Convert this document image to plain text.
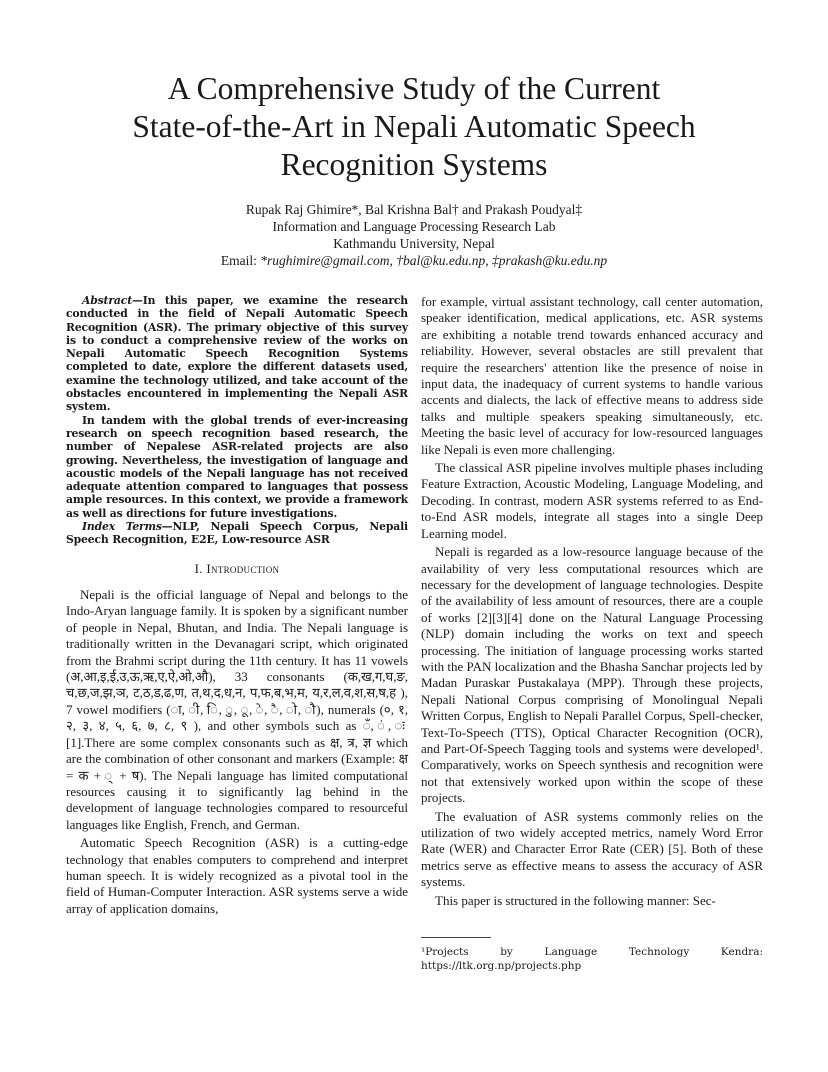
A Comprehensive Study of the Current
State-of-the-Art in Nepali Automatic Speech
Recognition Systems
Rupak Raj Ghimire*, Bal Krishna Bal† and Prakash Poudyal‡
Information and Language Processing Research Lab
Kathmandu University, Nepal
Email: *rughimire@gmail.com, †bal@ku.edu.np, ‡prakash@ku.edu.np

Abstract—In this paper, we examine the research conducted in the field of Nepali Automatic Speech Recognition (ASR). The primary objective of this survey is to conduct a comprehensive review of the works on Nepali Automatic Speech Recognition Systems completed to date, explore the different datasets used, examine the technology utilized, and take account of the obstacles encountered in implementing the Nepali ASR system.

In tandem with the global trends of ever-increasing research on speech recognition based research, the number of Nepalese ASR-related projects are also growing. Nevertheless, the investigation of language and acoustic models of the Nepali language has not received adequate attention compared to languages that possess ample resources. In this context, we provide a framework as well as directions for future investigations.

Index Terms—NLP, Nepali Speech Corpus, Nepali Speech Recognition, E2E, Low-resource ASR

I. Introduction

Nepali is the official language of Nepal and belongs to the Indo-Aryan language family. It is spoken by a significant number of people in Nepal, Bhutan, and India. The Nepali language is traditionally written in the Devanagari script, which originated from the Brahmi script during the 11th century. It has 11 vowels (अ,आ,इ,ई,उ,ऊ,ऋ,ए,ऐ,ओ,औ), 33 consonants (क,ख,ग,घ,ङ, च,छ,ज,झ,ञ, ट,ठ,ड,ढ,ण, त,थ,द,ध,न, प,फ,ब,भ,म, य,र,ल,व,श,स,ष,ह ), 7 vowel modifiers (ा, ी, ि, ु, ू, े, ै, ो, ौ), numerals (०, १, २, ३, ४, ५, ६, ७, ८, ९ ), and other symbols such as ँ, ं, ः [1].There are some complex consonants such as क्ष, त्र, ज्ञ which are the combination of other consonant and markers (Example: क्ष = क + ् + ष). The Nepali language has limited computational resources causing it to significantly lag behind in the development of language technologies compared to resourceful languages like English, French, and German.

Automatic Speech Recognition (ASR) is a cutting-edge technology that enables computers to comprehend and interpret human speech. It is widely recognized as a pivotal tool in the field of Human-Computer Interaction. ASR systems serve a wide array of application domains,

for example, virtual assistant technology, call center automation, speaker identification, medical applications, etc. ASR systems are exhibiting a notable trend towards enhanced accuracy and reliability. However, several obstacles are still prevalent that require the researchers' attention like the presence of noise in input data, the inadequacy of current systems to handle various accents and dialects, the lack of effective means to address side talks and multiple speakers speaking simultaneously, etc. Meeting the basic level of accuracy for low-resourced languages like Nepali is even more challenging.

The classical ASR pipeline involves multiple phases including Feature Extraction, Acoustic Modeling, Language Modeling, and Decoding. In contrast, modern ASR systems referred to as End-to-End ASR models, integrate all stages into a single Deep Learning model.

Nepali is regarded as a low-resource language because of the availability of very less computational resources which are necessary for the development of language technologies. Despite of the availability of less amount of resources, there are a couple of works [2][3][4] done on the Natural Language Processing (NLP) domain including the works on text and speech processing. The initiation of language processing works started with the PAN localization and the Bhasha Sanchar projects led by Madan Puraskar Pustakalaya (MPP). Through these projects, Nepali National Corpus comprising of Monolingual Nepali Written Corpus, English to Nepali Parallel Corpus, Spell-checker, Text-To-Speech (TTS), Optical Character Recognition (OCR), and Part-Of-Speech Tagging tools and systems were developed¹. Comparatively, works on Speech synthesis and recognition were not that extensively worked upon within the scope of these projects.

The evaluation of ASR systems commonly relies on the utilization of two widely accepted metrics, namely Word Error Rate (WER) and Character Error Rate (CER) [5]. Both of these metrics serve as effective means to assess the accuracy of ASR systems.

This paper is structured in the following manner: Sec-

¹Projects by Language Technology Kendra:
https://ltk.org.np/projects.php
